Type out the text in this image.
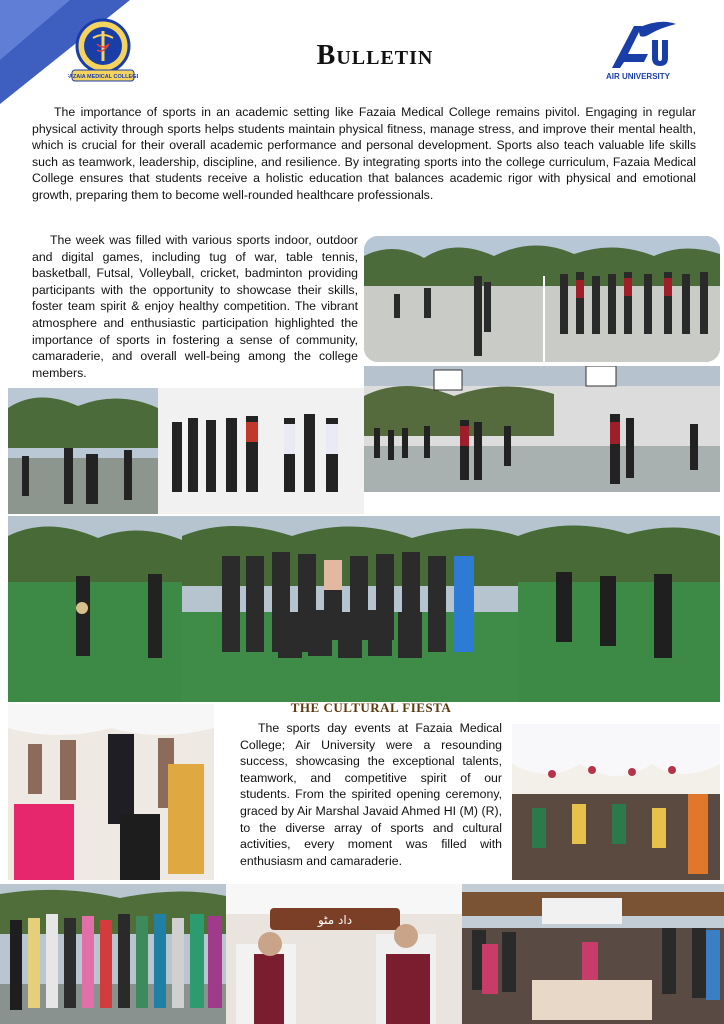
FAZAIA MEDICAL COLLEGE
Bulletin
AIR UNIVERSITY
The importance of sports in an academic setting like Fazaia Medical College remains pivitol. Engaging in regular physical activity through sports helps students maintain physical fitness, manage stress, and improve their mental health, which is crucial for their overall academic performance and personal development. Sports also teach valuable life skills such as teamwork, leadership, discipline, and resilience. By integrating sports into the college curriculum, Fazaia Medical College ensures that students receive a holistic education that balances academic rigor with physical and emotional growth, preparing them to become well-rounded healthcare professionals.
The week was filled with various sports indoor, outdoor and digital games, including tug of war, table tennis, basketball, Futsal, Volleyball, cricket, badminton providing participants with the opportunity to showcase their skills, foster team spirit & enjoy healthy competition. The vibrant atmosphere and enthusiastic participation highlighted the importance of sports in fostering a sense of community, camaraderie, and overall well-being among the college members.
THE CULTURAL FIESTA
The sports day events at Fazaia Medical College; Air University were a resounding success, showcasing the exceptional talents, teamwork, and competitive spirit of our students. From the spirited opening ceremony, graced by Air Marshal Javaid Ahmed HI (M) (R), to the diverse array of sports and cultural activities, every moment was filled with enthusiasm and camaraderie.
داد مٹو
